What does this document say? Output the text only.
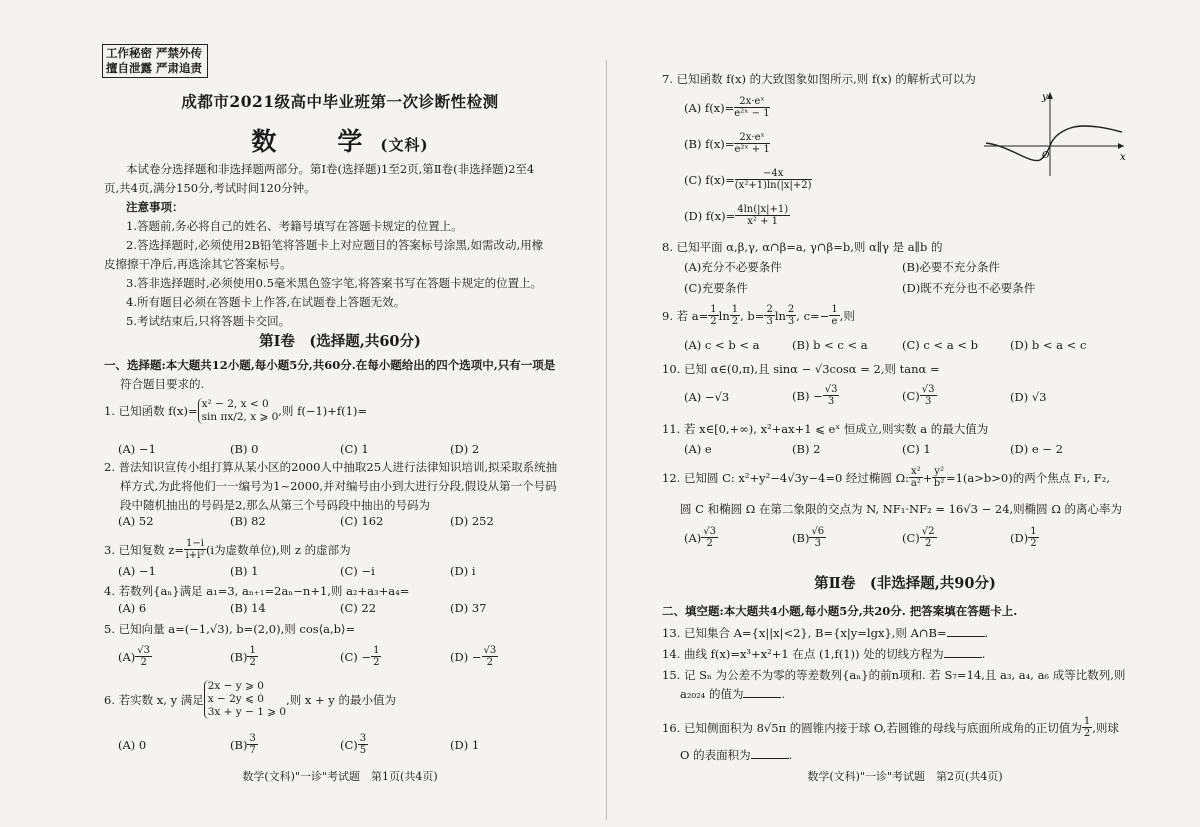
工作秘密 严禁外传
擅自泄露 严肃追责
成都市2021级高中毕业班第一次诊断性检测
数　学(文科)

本试卷分选择题和非选择题两部分。第Ⅰ卷(选择题)1至2页,第Ⅱ卷(非选择题)2至4

页,共4页,满分150分,考试时间120分钟。

注意事项：

1.答题前,务必将自己的姓名、考籍号填写在答题卡规定的位置上。

2.答选择题时,必须使用2B铅笔将答题卡上对应题目的答案标号涂黑,如需改动,用橡

皮擦擦干净后,再选涂其它答案标号。

3.答非选择题时,必须使用0.5毫米黑色签字笔,将答案书写在答题卡规定的位置上。

4.所有题目必须在答题卡上作答,在试题卷上答题无效。

5.考试结束后,只将答题卡交回。

第Ⅰ卷　(选择题,共60分)

一、选择题:本大题共12小题,每小题5分,共60分.在每小题给出的四个选项中,只有一项是

符合题目要求的.

1. 已知函数 f(x)= x² − 2, x < 0
sin πx/2, x ⩾ 0 ,则 f(−1)+f(1)=
(A) −1	(B) 0	(C) 1	(D) 2

2. 普法知识宣传小组打算从某小区的2000人中抽取25人进行法律知识培训,拟采取系统抽

样方式,为此将他们一一编号为1~2000,并对编号由小到大进行分段,假设从第一个号码

段中随机抽出的号码是2,那么从第三个号码段中抽出的号码为

(A) 52	(B) 82	(C) 162	(D) 252
3. 已知复数 $z= \frac{1-i}{\text{i+i²}} (i$为虚数单位),则 z 的虚部为
(A) −1	(B) 1	(C) −i	(D) i
4. 若数列{aₙ}满足 a₁=3, aₙ₊₁=2aₙ−n+1,则 a₂+a₃+a₄=
(A) 6	(B) 14	(C) 22	(D) 37
5. 已知向量 a=(−1,√3), b=(2,0),则 cos⟨a,b⟩=
$(A) \frac{√3}{2}$	$(B) \frac{1}{2}$	$(C) - \frac{1}{2}$	$(D) - \frac{√3}{2}$
6. 若实数 x, y 满足
2x − y ⩾ 0
x − 2y ⩽ 0
3x + y − 1 ⩾ 0
,则 x + y 的最小值为
(A) 0	$(B) \frac{3}{7}$	$(C) \frac{3}{5}$	(D) 1
数学(文科)"一诊"考试题　第1页(共4页)
7. 已知函数 f(x) 的大致图象如图所示,则 f(x) 的解析式可以为
(A) $f(x)= \frac{\text{2x·eˣ}}{\text{e²ˣ − 1}}$
(B) $f(x)= \frac{\text{2x·eˣ}}{\text{e²ˣ + 1}}$
(C) $f(x)= \frac{-4x}{\text{(x²+1)ln(|x|+2)}}$
(D) $f(x)= \frac{4\ln(|x|+1)}{\text{x² + 1}}$
y
x
O
8. 已知平面 α,β,γ, α∩β=a, γ∩β=b,则 α∥γ 是 a∥b 的
(A)充分不必要条件	(B)必要不充分条件
(C)充要条件	(D)既不充分也不必要条件
9. 若 $a= \frac{1}{2}$ $\ln \frac{1}{2}$ , $b= \frac{2}{3}$ $\ln \frac{2}{3}$ , $c=- \frac{1}{e}$ ,则
(A) c < b < a	(B) b < c < a	(C) c < a < b	(D) b < a < c
10. 已知 α∈(0,π),且 sinα − √3cosα = 2,则 tanα =
(A) −√3	$(B) - \frac{√3}{3}$	$(C) \frac{√3}{3}$	(D) √3
11. 若 x∈[0,+∞), x²+ax+1 ⩽ eˣ 恒成立,则实数 a 的最大值为
(A) e	(B) 2	(C) 1	(D) e − 2
12. 已知圆 C: x²+y²−4√3y−4=0 经过椭圆 Ω: $\frac{\text{x²}}{\text{a²}} + \frac{\text{y²}}{\text{b²}} =1(a>b>0)$的两个焦点 F₁, F₂,
圆 C 和椭圆 Ω 在第二象限的交点为 N, NF₁·NF₂ = 16√3 − 24,则椭圆 Ω 的离心率为
$(A) \frac{√3}{2}$	$(B) \frac{√6}{3}$	$(C) \frac{√2}{2}$	$(D) \frac{1}{2}$
第Ⅱ卷　(非选择题,共90分)
二、填空题:本大题共4小题,每小题5分,共20分. 把答案填在答题卡上.
13. 已知集合 A={x||x|<2}, B={x|y=lgx},则 A∩B=	.
14. 曲线 f(x)=x³+x²+1 在点 (1,f(1)) 处的切线方程为	.

15. 记 Sₙ 为公差不为零的等差数列{aₙ}的前n项和. 若 S₇=14,且 a₃, a₄, a₆ 成等比数列,则

a₂₀₂₄ 的值为	.

16. 已知侧面积为 8√5π 的圆锥内接于球 O,若圆锥的母线与底面所成角的正切值为 $\frac{1}{2}$ ,则球
O 的表面积为	.
数学(文科)"一诊"考试题　第2页(共4页)
